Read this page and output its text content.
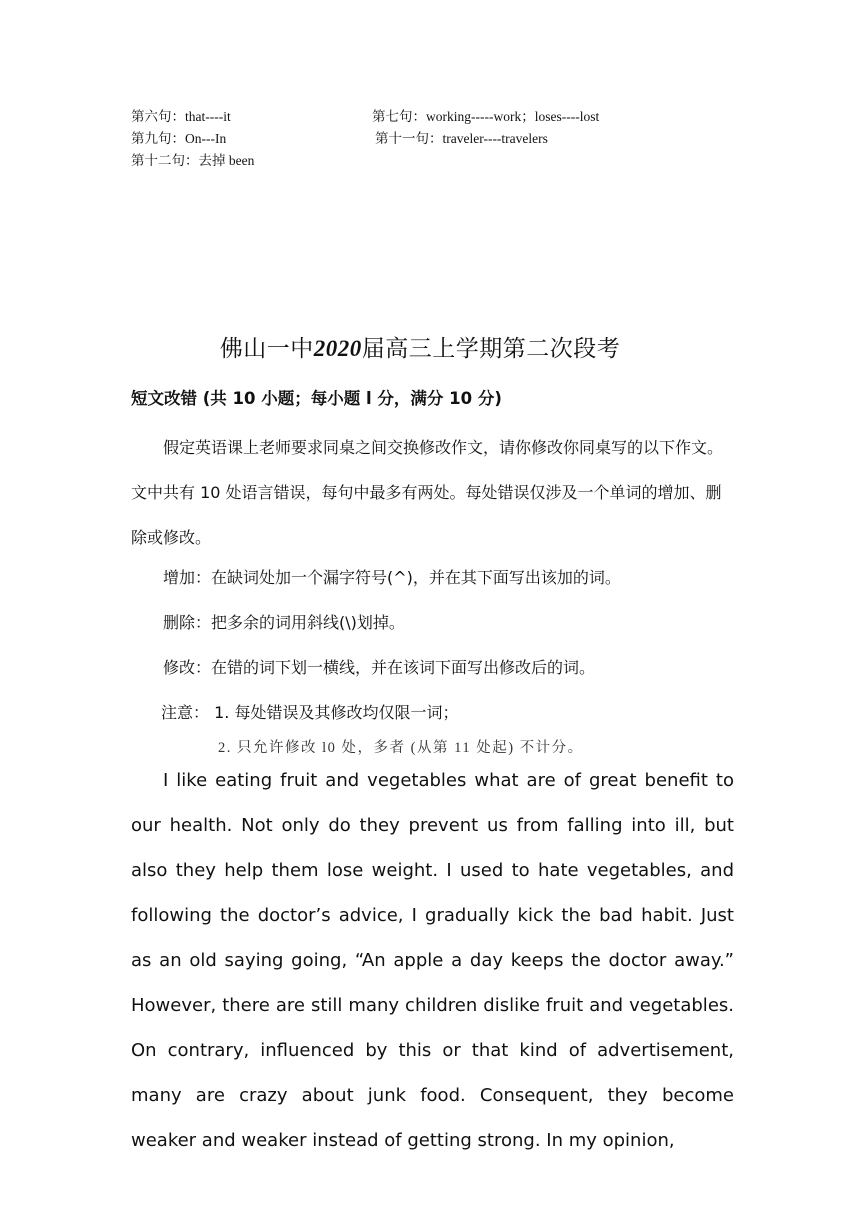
第六句：that----it	第七句：working-----work；loses----lost
第九句：On---In	第十一句：traveler----travelers
第十二句：去掉 been
佛山一中2020届高三上学期第二次段考
短文改错 (共 10 小题；每小题 l 分，满分 10 分)

假定英语课上老师要求同桌之间交换修改作文，请你修改你同桌写的以下作文。文中共有 10 处语言错误，每句中最多有两处。每处错误仅涉及一个单词的增加、删除或修改。

增加：在缺词处加一个漏字符号(^)，并在其下面写出该加的词。

删除：把多余的词用斜线(\)划掉。

修改：在错的词下划一横线，并在该词下面写出修改后的词。

注意： 1. 每处错误及其修改均仅限一词；
2. 只允许修改 l0 处，多者 (从第 11 处起) 不计分。

I like eating fruit and vegetables what are of great benefit to our health. Not only do they prevent us from falling into ill, but also they help them lose weight. I used to hate vegetables, and following the doctor’s advice, I gradually kick the bad habit. Just as an old saying going, “An apple a day keeps the doctor away.” However, there are still many children dislike fruit and vegetables. On contrary, influenced by this or that kind of advertisement, many are crazy about junk food. Consequent, they become weaker and weaker instead of getting strong. In my opinion,
